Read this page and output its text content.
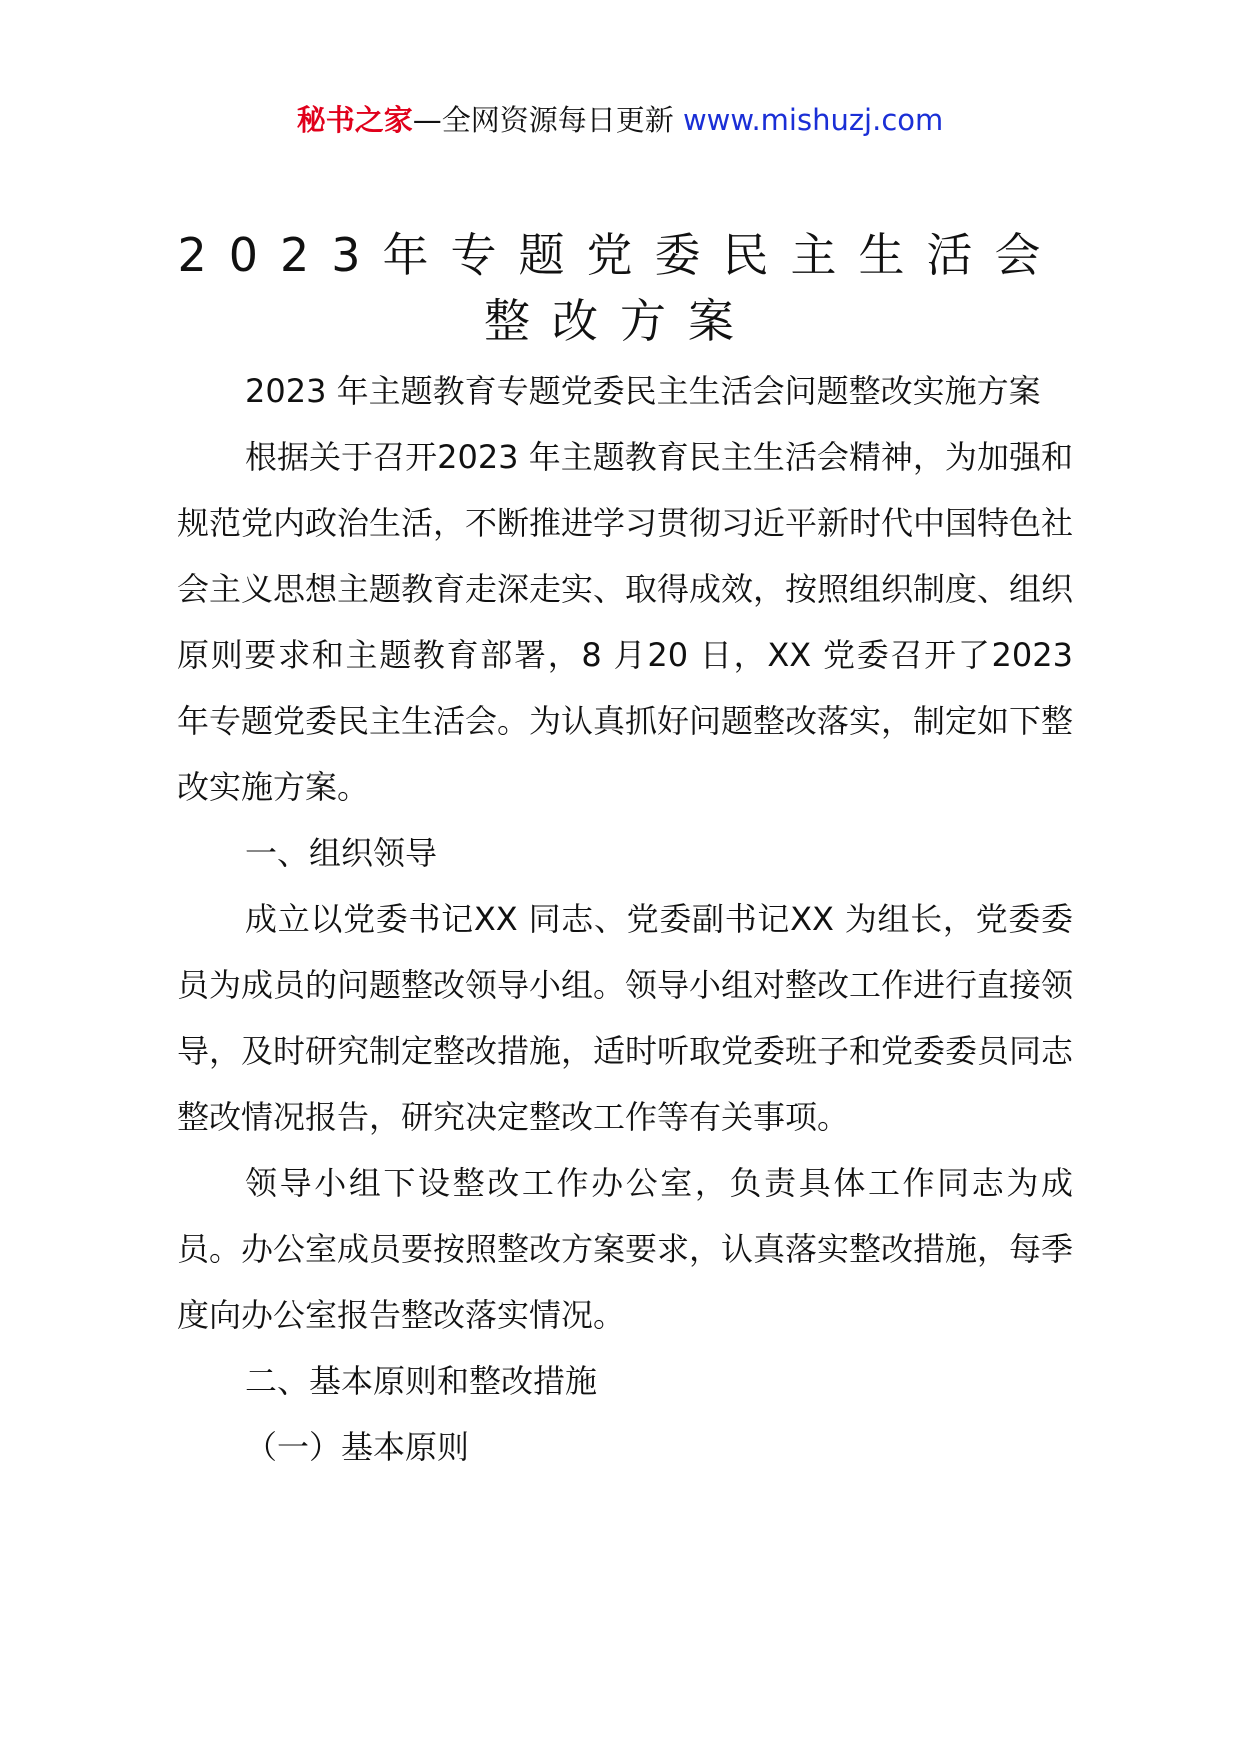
秘书之家—全网资源每日更新 www.mishuzj.com
2023年专题党委民主生活会整改方案

2023 年主题教育专题党委民主生活会问题整改实施方案

根据关于召开2023 年主题教育民主生活会精神，为加强和规范党内政治生活，不断推进学习贯彻习近平新时代中国特色社会主义思想主题教育走深走实、取得成效，按照组织制度、组织原则要求和主题教育部署，8 月20 日，XX 党委召开了2023 年专题党委民主生活会。为认真抓好问题整改落实，制定如下整改实施方案。

一、组织领导

成立以党委书记XX 同志、党委副书记XX 为组长，党委委员为成员的问题整改领导小组。领导小组对整改工作进行直接领导，及时研究制定整改措施，适时听取党委班子和党委委员同志整改情况报告，研究决定整改工作等有关事项。

领导小组下设整改工作办公室，负责具体工作同志为成员。办公室成员要按照整改方案要求，认真落实整改措施，每季度向办公室报告整改落实情况。

二、基本原则和整改措施

（一）基本原则
